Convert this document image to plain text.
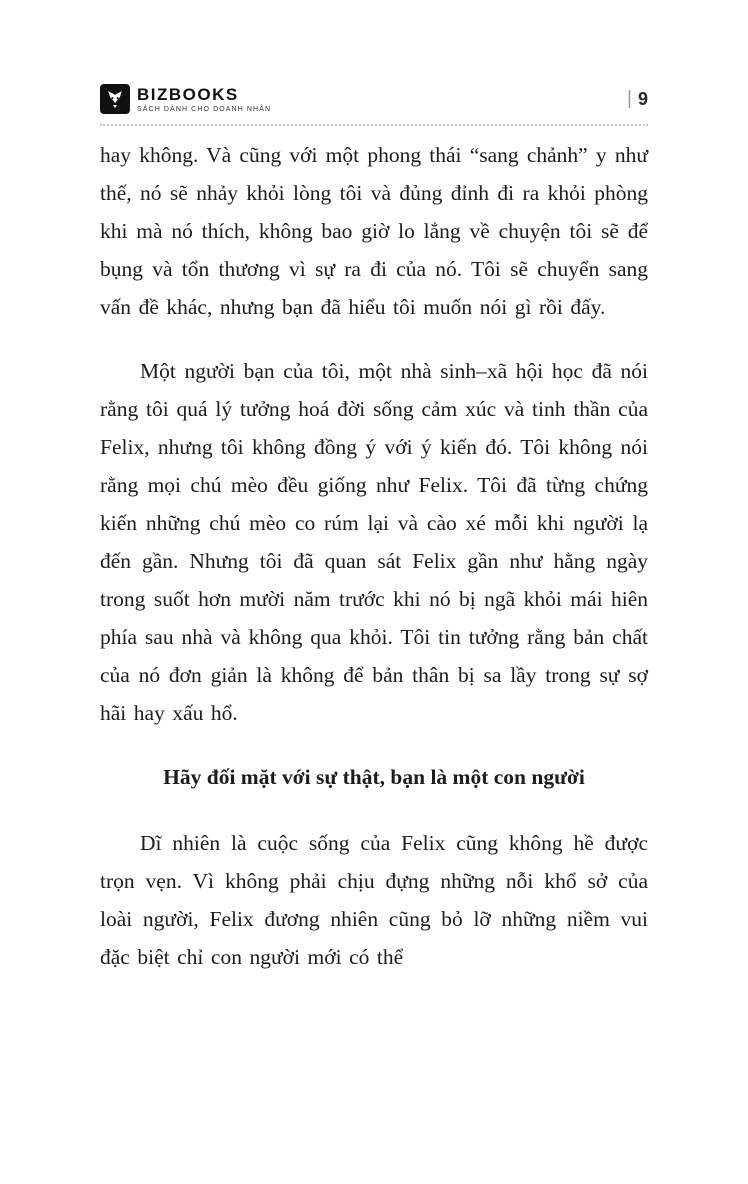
BIZBOOKS
SÁCH DÀNH CHO DOANH NHÂN	| 9

hay không. Và cũng với một phong thái “sang chảnh” y như thế, nó sẽ nhảy khỏi lòng tôi và đủng đỉnh đi ra khỏi phòng khi mà nó thích, không bao giờ lo lắng về chuyện tôi sẽ để bụng và tổn thương vì sự ra đi của nó. Tôi sẽ chuyển sang vấn đề khác, nhưng bạn đã hiểu tôi muốn nói gì rồi đấy.

Một người bạn của tôi, một nhà sinh–xã hội học đã nói rằng tôi quá lý tưởng hoá đời sống cảm xúc và tinh thần của Felix, nhưng tôi không đồng ý với ý kiến đó. Tôi không nói rằng mọi chú mèo đều giống như Felix. Tôi đã từng chứng kiến những chú mèo co rúm lại và cào xé mỗi khi người lạ đến gần. Nhưng tôi đã quan sát Felix gần như hằng ngày trong suốt hơn mười năm trước khi nó bị ngã khỏi mái hiên phía sau nhà và không qua khỏi. Tôi tin tưởng rằng bản chất của nó đơn giản là không để bản thân bị sa lầy trong sự sợ hãi hay xấu hổ.

Hãy đối mặt với sự thật, bạn là một con người

Dĩ nhiên là cuộc sống của Felix cũng không hề được trọn vẹn. Vì không phải chịu đựng những nỗi khổ sở của loài người, Felix đương nhiên cũng bỏ lỡ những niềm vui đặc biệt chỉ con người mới có thể
